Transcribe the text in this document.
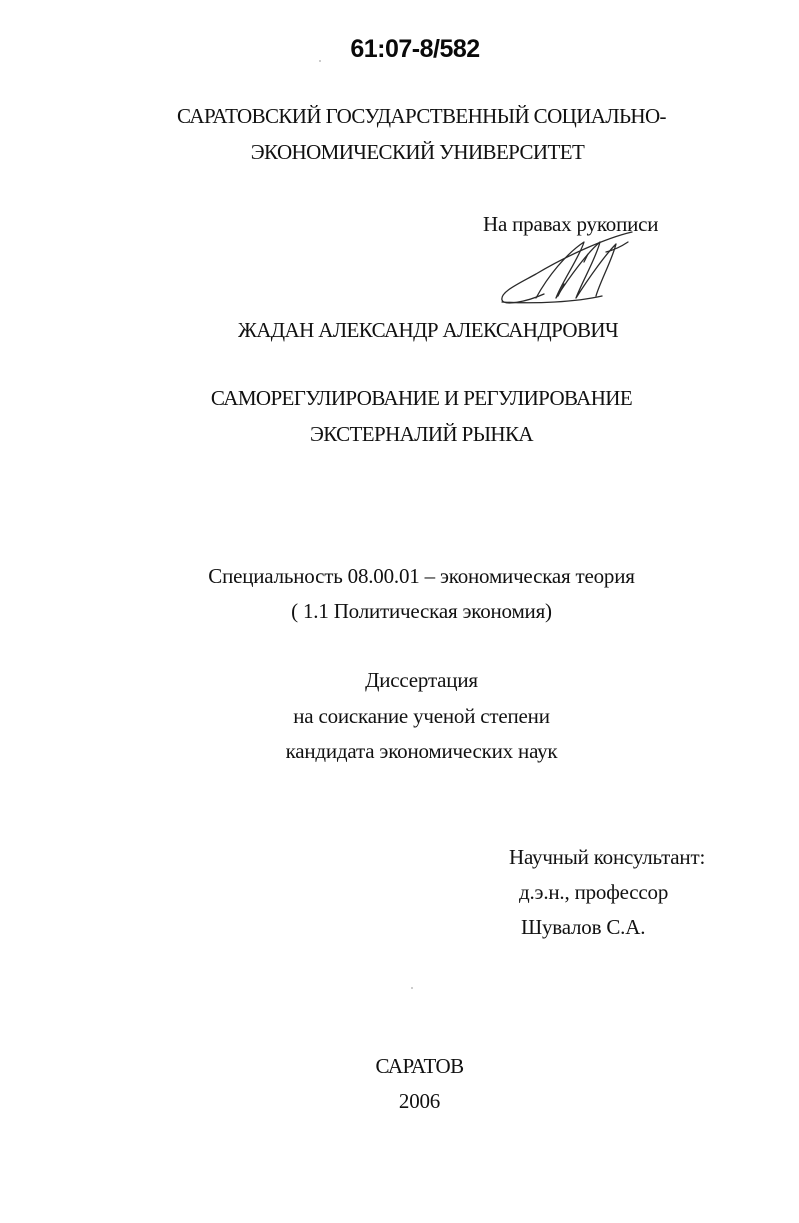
61:07-8/582
САРАТОВСКИЙ ГОСУДАРСТВЕННЫЙ СОЦИАЛЬНО-
ЭКОНОМИЧЕСКИЙ УНИВЕРСИТЕТ
На правах рукописи
ЖАДАН АЛЕКСАНДР АЛЕКСАНДРОВИЧ
САМОРЕГУЛИРОВАНИЕ И РЕГУЛИРОВАНИЕ
ЭКСТЕРНАЛИЙ РЫНКА
Специальность 08.00.01 – экономическая теория
( 1.1 Политическая экономия)
Диссертация
на соискание ученой степени
кандидата экономических наук
Научный консультант:
д.э.н., профессор
Шувалов С.А.
САРАТОВ
2006
